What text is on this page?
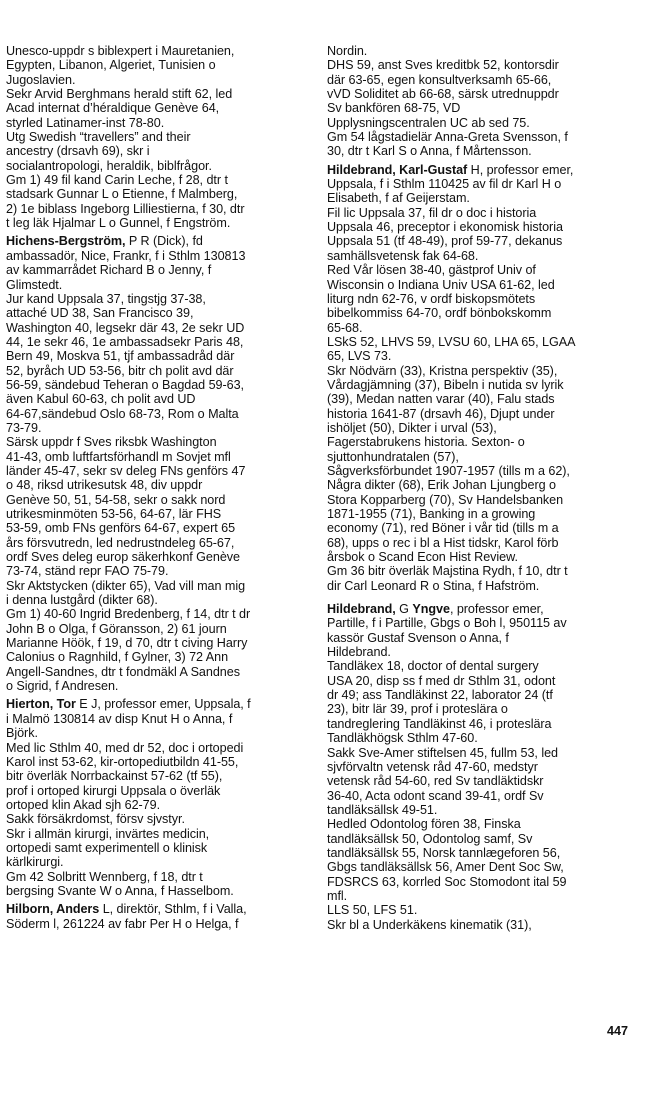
Unesco-uppdr s biblexpert i Mauretanien,
Egypten, Libanon, Algeriet, Tunisien o
Jugoslavien.
Sekr Arvid Berghmans herald stift 62, led
Acad internat d’héraldique Genève 64,
styrled Latinamer-inst 78-80.
Utg Swedish “travellers” and their
ancestry (drsavh 69), skr i
socialantropologi, heraldik, biblfrågor.
Gm 1) 49 fil kand Carin Leche, f 28, dtr t
stadsark Gunnar L o Etienne, f Malmberg,
2) 1e biblass Ingeborg Lilliestierna, f 30, dtr
t leg läk Hjalmar L o Gunnel, f Engström.
Hichens-Bergström, P R (Dick), fd
ambassadör, Nice, Frankr, f i Sthlm 130813
av kammarrådet Richard B o Jenny, f
Glimstedt.
Jur kand Uppsala 37, tingstjg 37-38,
attaché UD 38, San Francisco 39,
Washington 40, legsekr där 43, 2e sekr UD
44, 1e sekr 46, 1e ambassadsekr Paris 48,
Bern 49, Moskva 51, tjf ambassadråd där
52, byråch UD 53-56, bitr ch polit avd där
56-59, sändebud Teheran o Bagdad 59-63,
även Kabul 60-63, ch polit avd UD
64-67,sändebud Oslo 68-73, Rom o Malta
73-79.
Särsk uppdr f Sves riksbk Washington
41-43, omb luftfartsförhandl m Sovjet mfl
länder 45-47, sekr sv deleg FNs genförs 47
o 48, riksd utrikesutsk 48, div uppdr
Genève 50, 51, 54-58, sekr o sakk nord
utrikesminmöten 53-56, 64-67, lär FHS
53-59, omb FNs genförs 64-67, expert 65
års försvutredn, led nedrustndeleg 65-67,
ordf Sves deleg europ säkerhkonf Genève
73-74, ständ repr FAO 75-79.
Skr Aktstycken (dikter 65), Vad vill man mig
i denna lustgård (dikter 68).
Gm 1) 40-60 Ingrid Bredenberg, f 14, dtr t dr
John B o Olga, f Göransson, 2) 61 journ
Marianne Höök, f 19, d 70, dtr t civing Harry
Calonius o Ragnhild, f Gylner, 3) 72 Ann
Angell-Sandnes, dtr t fondmäkl A Sandnes
o Sigrid, f Andresen.
Hierton, Tor E J, professor emer, Uppsala, f
i Malmö 130814 av disp Knut H o Anna, f
Björk.
Med lic Sthlm 40, med dr 52, doc i ortopedi
Karol inst 53-62, kir-ortopediutbildn 41-55,
bitr överläk Norrbackainst 57-62 (tf 55),
prof i ortoped kirurgi Uppsala o överläk
ortoped klin Akad sjh 62-79.
Sakk försäkrdomst, försv sjvstyr.
Skr i allmän kirurgi, invärtes medicin,
ortopedi samt experimentell o klinisk
kärlkirurgi.
Gm 42 Solbritt Wennberg, f 18, dtr t
bergsing Svante W o Anna, f Hasselbom.
Hilborn, Anders L, direktör, Sthlm, f i Valla,
Söderm l, 261224 av fabr Per H o Helga, f
Nordin.
DHS 59, anst Sves kreditbk 52, kontorsdir
där 63-65, egen konsultverksamh 65-66,
vVD Soliditet ab 66-68, särsk utrednuppdr
Sv bankfören 68-75, VD
Upplysningscentralen UC ab sed 75.
Gm 54 lågstadielär Anna-Greta Svensson, f
30, dtr t Karl S o Anna, f Mårtensson.
Hildebrand, Karl-Gustaf H, professor emer,
Uppsala, f i Sthlm 110425 av fil dr Karl H o
Elisabeth, f af Geijerstam.
Fil lic Uppsala 37, fil dr o doc i historia
Uppsala 46, preceptor i ekonomisk historia
Uppsala 51 (tf 48-49), prof 59-77, dekanus
samhällsvetensk fak 64-68.
Red Vår lösen 38-40, gästprof Univ of
Wisconsin o Indiana Univ USA 61-62, led
liturg ndn 62-76, v ordf biskopsmötets
bibelkommiss 64-70, ordf bönbokskomm
65-68.
LSkS 52, LHVS 59, LVSU 60, LHA 65, LGAA
65, LVS 73.
Skr Nödvärn (33), Kristna perspektiv (35),
Vårdagjämning (37), Bibeln i nutida sv lyrik
(39), Medan natten varar (40), Falu stads
historia 1641-87 (drsavh 46), Djupt under
ishöljet (50), Dikter i urval (53),
Fagerstabrukens historia. Sexton- o
sjuttonhundratalen (57),
Sågverksförbundet 1907-1957 (tills m a 62),
Några dikter (68), Erik Johan Ljungberg o
Stora Kopparberg (70), Sv Handelsbanken
1871-1955 (71), Banking in a growing
economy (71), red Böner i vår tid (tills m a
68), upps o rec i bl a Hist tidskr, Karol förb
årsbok o Scand Econ Hist Review.
Gm 36 bitr överläk Majstina Rydh, f 10, dtr t
dir Carl Leonard R o Stina, f Hafström.
Hildebrand, G Yngve, professor emer,
Partille, f i Partille, Gbgs o Boh l, 950115 av
kassör Gustaf Svenson o Anna, f
Hildebrand.
Tandläkex 18, doctor of dental surgery
USA 20, disp ss f med dr Sthlm 31, odont
dr 49; ass Tandläkinst 22, laborator 24 (tf
23), bitr lär 39, prof i proteslära o
tandreglering Tandläkinst 46, i proteslära
Tandläkhögsk Sthlm 47-60.
Sakk Sve-Amer stiftelsen 45, fullm 53, led
sjvförvaltn vetensk råd 47-60, medstyr
vetensk råd 54-60, red Sv tandläktidskr
36-40, Acta odont scand 39-41, ordf Sv
tandläksällsk 49-51.
Hedled Odontolog fören 38, Finska
tandläksällsk 50, Odontolog samf, Sv
tandläksällsk 55, Norsk tannlægeforen 56,
Gbgs tandläksällsk 56, Amer Dent Soc Sw,
FDSRCS 63, korrled Soc Stomodont ital 59
mfl.
LLS 50, LFS 51.
Skr bl a Underkäkens kinematik (31),
447
